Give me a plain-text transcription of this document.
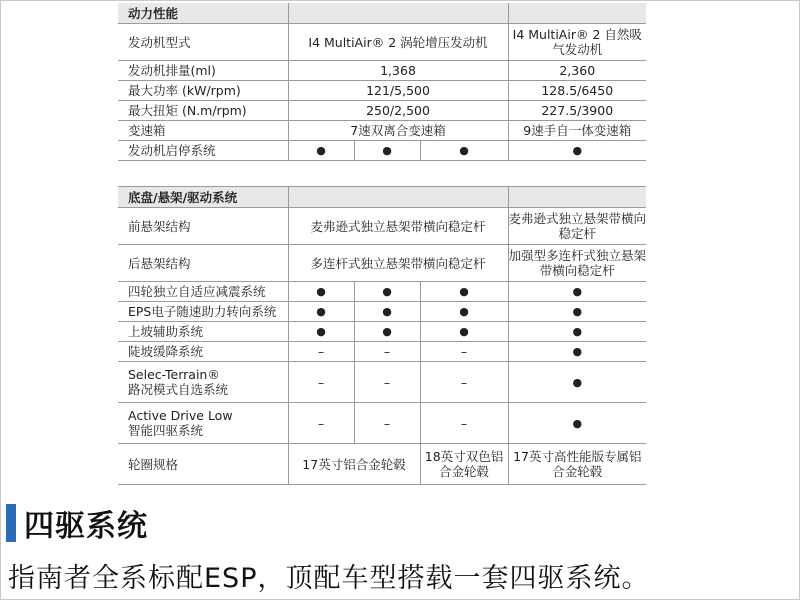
动力性能				
发动机型式	I4 MultiAir® 2 涡轮增压发动机			I4 MultiAir® 2 自然吸气发动机
发动机排量(ml)	1,368			2,360
最大功率 (kW/rpm)	121/5,500			128.5/6450
最大扭矩 (N.m/rpm)	250/2,500			227.5/3900
变速箱	7速双离合变速箱			9速手自一体变速箱
发动机启停系统	●	●	●	●

底盘/悬架/驱动系统				
前悬架结构	麦弗逊式独立悬架带横向稳定杆			麦弗逊式独立悬架带横向稳定杆
后悬架结构	多连杆式独立悬架带横向稳定杆			加强型多连杆式独立悬架带横向稳定杆
四轮独立自适应减震系统	●	●	●	●
EPS电子随速助力转向系统	●	●	●	●
上坡辅助系统	●	●	●	●
陡坡缓降系统	–	–	–	●

Selec-Terrain®
路况模式自选系统	–	–	–	●

Active Drive Low
智能四驱系统	–	–	–	●
轮圈规格	17英寸铝合金轮毂		18英寸双色铝合金轮毂	17英寸高性能版专属铝合金轮毂
四驱系统
指南者全系标配ESP，顶配车型搭载一套四驱系统。
